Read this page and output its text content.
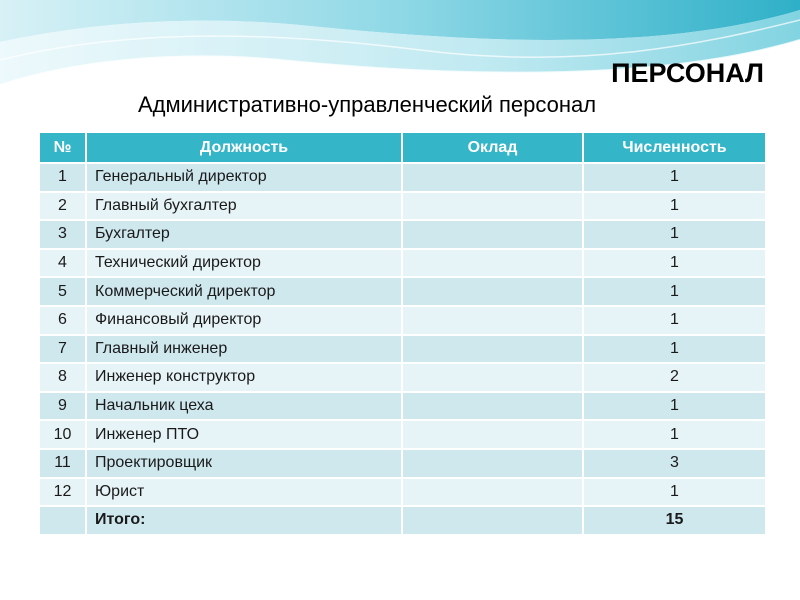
ПЕРСОНАЛ
Административно-управленческий персонал
№	Должность	Оклад	Численность
1	Генеральный директор		1
2	Главный бухгалтер		1
3	Бухгалтер		1
4	Технический директор		1
5	Коммерческий директор		1
6	Финансовый директор		1
7	Главный инженер		1
8	Инженер конструктор		2
9	Начальник цеха		1
10	Инженер ПТО		1
11	Проектировщик		3
12	Юрист		1
	Итого:		15
